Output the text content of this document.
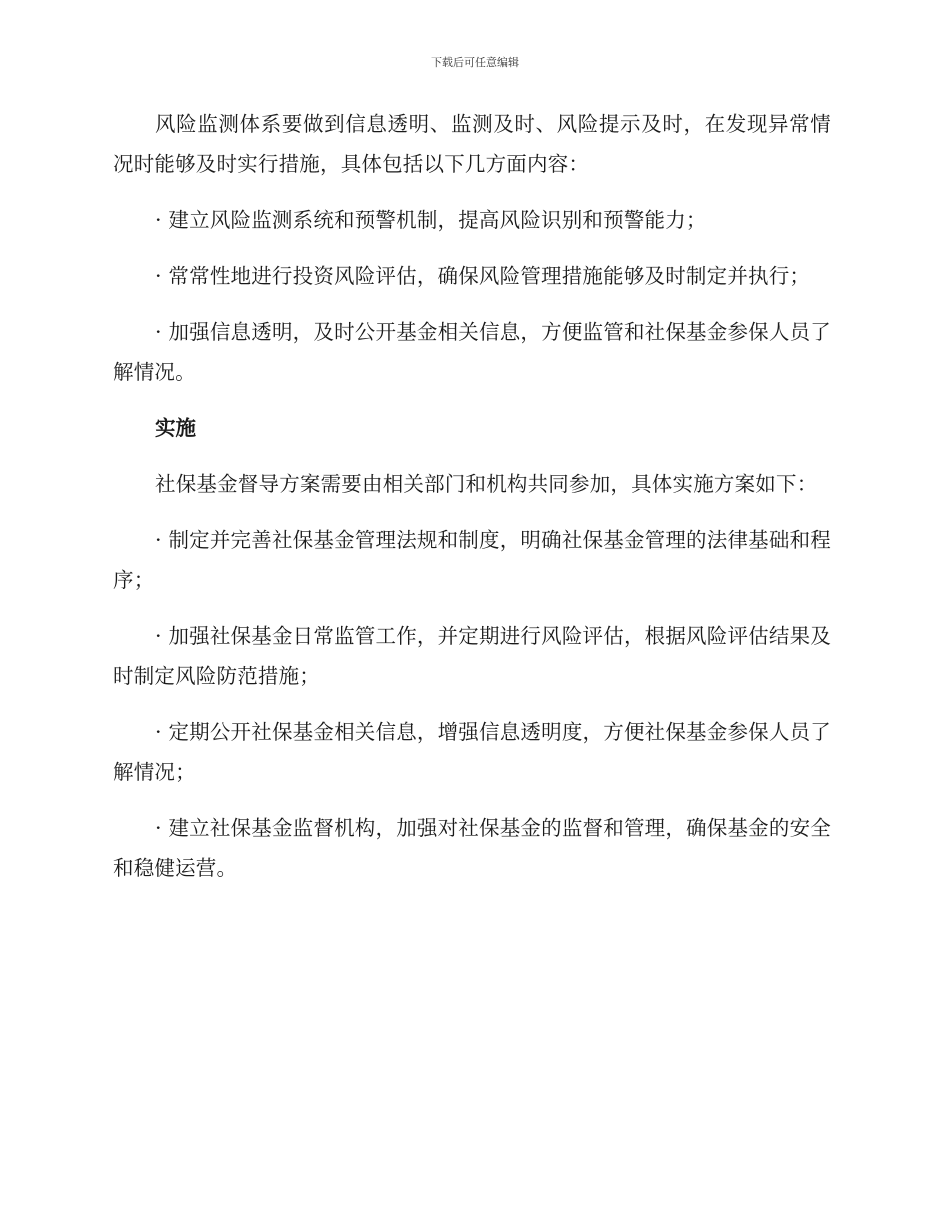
下载后可任意编辑

风险监测体系要做到信息透明、监测及时、风险提示及时，在发现异常情况时能够及时实行措施，具体包括以下几方面内容：

· 建立风险监测系统和预警机制，提高风险识别和预警能力；

· 常常性地进行投资风险评估，确保风险管理措施能够及时制定并执行；

· 加强信息透明，及时公开基金相关信息，方便监管和社保基金参保人员了解情况。

实施

社保基金督导方案需要由相关部门和机构共同参加，具体实施方案如下：

· 制定并完善社保基金管理法规和制度，明确社保基金管理的法律基础和程序；

· 加强社保基金日常监管工作，并定期进行风险评估，根据风险评估结果及时制定风险防范措施；

· 定期公开社保基金相关信息，增强信息透明度，方便社保基金参保人员了解情况；

· 建立社保基金监督机构，加强对社保基金的监督和管理，确保基金的安全和稳健运营。
